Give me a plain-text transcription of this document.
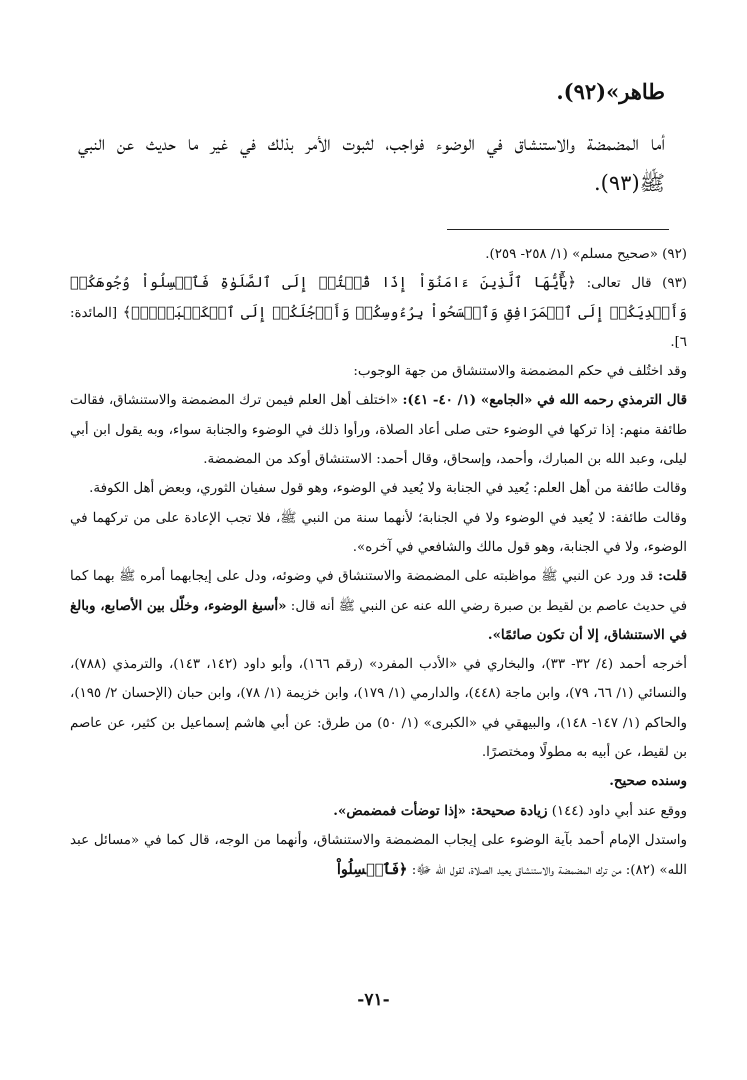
طاهر»(٩٢).
أما المضمضة والاستنشاق في الوضوء فواجب، لثبوت الأمر بذلك في غير ما حديث عن النبي ﷺ(٩٣).

(٩٢) «صحيح مسلم» (١/ ٢٥٨- ٢٥٩).

(٩٣) قال تعالى: ﴿يَٰٓأَيُّهَا ٱلَّذِينَ ءَامَنُوٓاْ إِذَا قُمۡتُمۡ إِلَى ٱلصَّلَوٰةِ فَٱغۡسِلُواْ وُجُوهَكُمۡ وَأَيۡدِيَكُمۡ إِلَى ٱلۡمَرَافِقِ وَٱمۡسَحُواْ بِرُءُوسِكُمۡ وَأَرۡجُلَكُمۡ إِلَى ٱلۡكَعۡبَيۡنِۚ﴾ [المائدة: ٦].

وقد اختُلف في حكم المضمضة والاستنشاق من جهة الوجوب:

قال الترمذي رحمه الله في «الجامع» (١/ ٤٠- ٤١): «اختلف أهل العلم فيمن ترك المضمضة والاستنشاق، فقالت طائفة منهم: إذا تركها في الوضوء حتى صلى أعاد الصلاة، ورأوا ذلك في الوضوء والجنابة سواء، وبه يقول ابن أبي ليلى، وعبد الله بن المبارك، وأحمد، وإسحاق، وقال أحمد: الاستنشاق أوكد من المضمضة.

وقالت طائفة من أهل العلم: يُعيد في الجنابة ولا يُعيد في الوضوء، وهو قول سفيان الثوري، وبعض أهل الكوفة.

وقالت طائفة: لا يُعيد في الوضوء ولا في الجنابة؛ لأنهما سنة من النبي ﷺ، فلا تجب الإعادة على من تركهما في الوضوء، ولا في الجنابة، وهو قول مالك والشافعي في آخره».

قلت: قد ورد عن النبي ﷺ مواظبته على المضمضة والاستنشاق في وضوئه، ودل على إيجابهما أمره ﷺ بهما كما في حديث عاصم بن لقيط بن صبرة رضي الله عنه عن النبي ﷺ أنه قال: «أسبغ الوضوء، وخلّل بين الأصابع، وبالغ في الاستنشاق، إلا أن تكون صائمًا».

أخرجه أحمد (٤/ ٣٢- ٣٣)، والبخاري في «الأدب المفرد» (رقم ١٦٦)، وأبو داود (١٤٢، ١٤٣)، والترمذي (٧٨٨)، والنسائي (١/ ٦٦، ٧٩)، وابن ماجة (٤٤٨)، والدارمي (١/ ١٧٩)، وابن خزيمة (١/ ٧٨)، وابن حبان (الإحسان ٢/ ١٩٥)، والحاكم (١/ ١٤٧- ١٤٨)، والبيهقي في «الكبرى» (١/ ٥٠) من طرق: عن أبي هاشم إسماعيل بن كثير، عن عاصم بن لقيط، عن أبيه به مطولًا ومختصرًا.

وسنده صحيح.

ووقع عند أبي داود (١٤٤) زيادة صحيحة: «إذا توضأت فمضمض».

واستدل الإمام أحمد بآية الوضوء على إيجاب المضمضة والاستنشاق، وأنهما من الوجه، قال كما في «مسائل عبد الله» (٨٢): من ترك المضمضة والاستنشاق يعيد الصلاة، لقول الله ﷻ: ﴿فَٱغۡسِلُواْ

-٧١-
